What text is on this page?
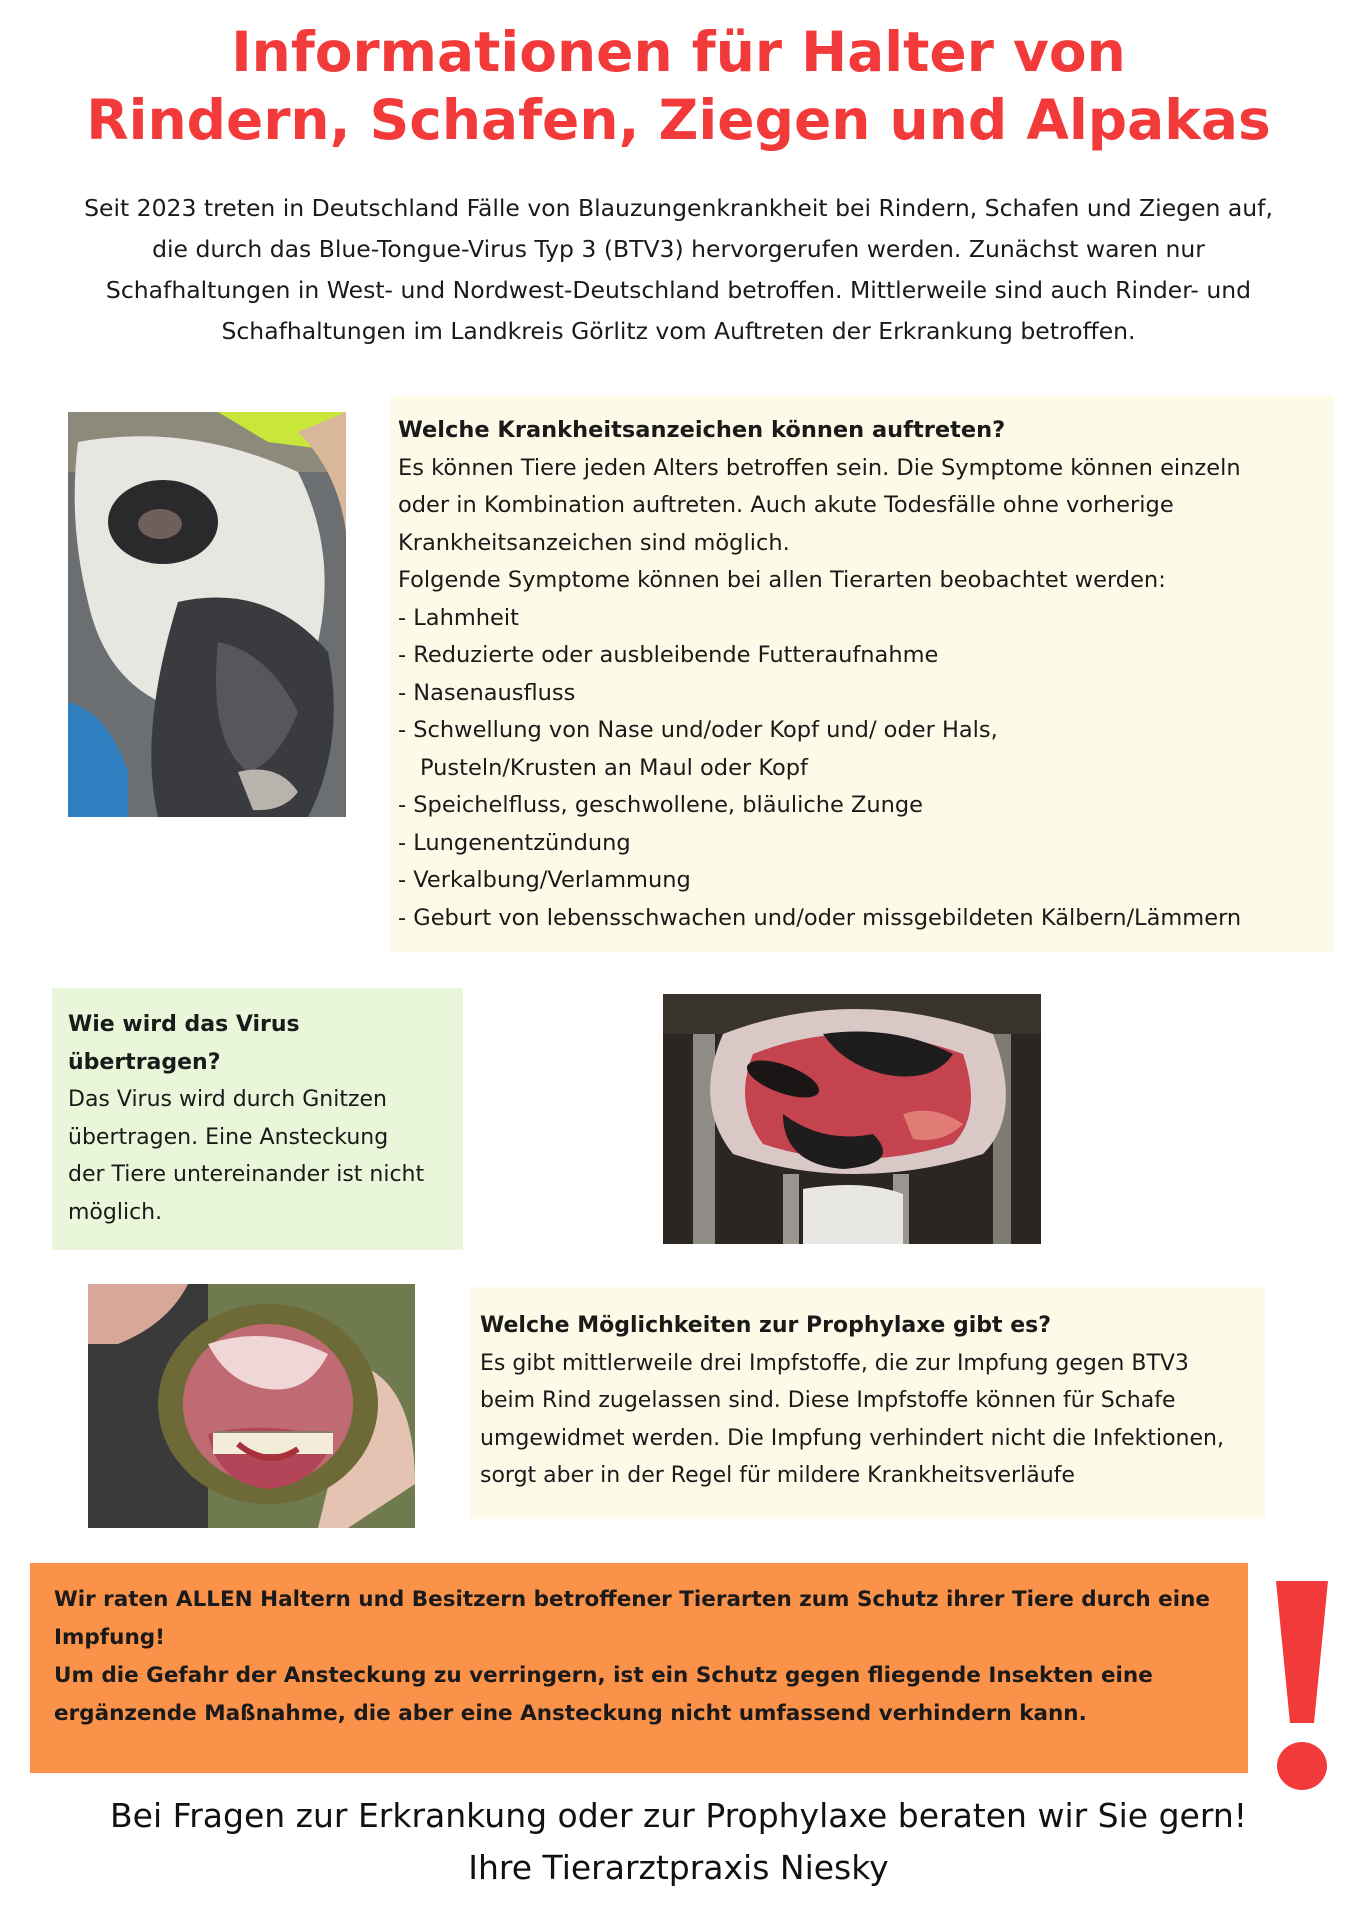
Informationen für Halter von
Rindern, Schafen, Ziegen und Alpakas
Seit 2023 treten in Deutschland Fälle von Blauzungenkrankheit bei Rindern, Schafen und Ziegen auf,
die durch das Blue-Tongue-Virus Typ 3 (BTV3) hervorgerufen werden. Zunächst waren nur
Schafhaltungen in West- und Nordwest-Deutschland betroffen. Mittlerweile sind auch Rinder- und
Schafhaltungen im Landkreis Görlitz vom Auftreten der Erkrankung betroffen.
Welche Krankheitsanzeichen können auftreten?
Es können Tiere jeden Alters betroffen sein. Die Symptome können einzeln
oder in Kombination auftreten. Auch akute Todesfälle ohne vorherige
Krankheitsanzeichen sind möglich.
Folgende Symptome können bei allen Tierarten beobachtet werden:
- Lahmheit
- Reduzierte oder ausbleibende Futteraufnahme
- Nasenausfluss
- Schwellung von Nase und/oder Kopf und/ oder Hals,
Pusteln/Krusten an Maul oder Kopf
- Speichelfluss, geschwollene, bläuliche Zunge
- Lungenentzündung
- Verkalbung/Verlammung
- Geburt von lebensschwachen und/oder missgebildeten Kälbern/Lämmern
Wie wird das Virus
übertragen?
Das Virus wird durch Gnitzen
übertragen. Eine Ansteckung
der Tiere untereinander ist nicht
möglich.
Welche Möglichkeiten zur Prophylaxe gibt es?
Es gibt mittlerweile drei Impfstoffe, die zur Impfung gegen BTV3
beim Rind zugelassen sind. Diese Impfstoffe können für Schafe
umgewidmet werden. Die Impfung verhindert nicht die Infektionen,
sorgt aber in der Regel für mildere Krankheitsverläufe
Wir raten ALLEN Haltern und Besitzern betroffener Tierarten zum Schutz ihrer Tiere durch eine
Impfung!
Um die Gefahr der Ansteckung zu verringern, ist ein Schutz gegen fliegende Insekten eine
ergänzende Maßnahme, die aber eine Ansteckung nicht umfassend verhindern kann.
Bei Fragen zur Erkrankung oder zur Prophylaxe beraten wir Sie gern!
Ihre Tierarztpraxis Niesky
